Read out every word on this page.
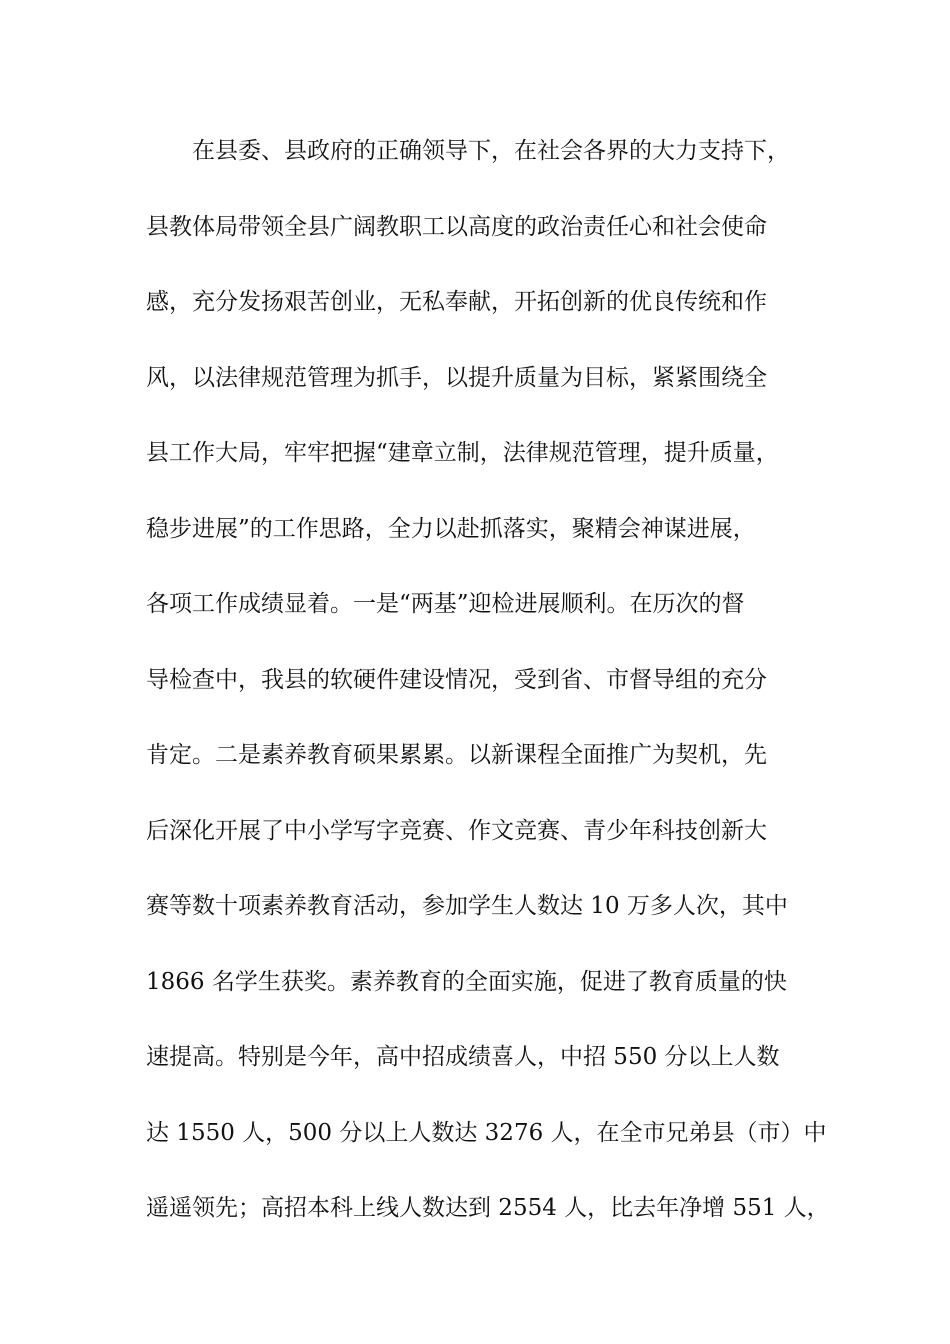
在县委、县政府的正确领导下，在社会各界的大力支持下，
县教体局带领全县广阔教职工以高度的政治责任心和社会使命
感，充分发扬艰苦创业，无私奉献，开拓创新的优良传统和作
风，以法律规范管理为抓手，以提升质量为目标，紧紧围绕全
县工作大局，牢牢把握“建章立制，法律规范管理，提升质量，
稳步进展”的工作思路，全力以赴抓落实，聚精会神谋进展，
各项工作成绩显着。一是“两基”迎检进展顺利。在历次的督
导检查中，我县的软硬件建设情况，受到省、市督导组的充分
肯定。二是素养教育硕果累累。以新课程全面推广为契机，先
后深化开展了中小学写字竞赛、作文竞赛、青少年科技创新大
赛等数十项素养教育活动，参加学生人数达 10 万多人次，其中
1866 名学生获奖。素养教育的全面实施，促进了教育质量的快
速提高。特别是今年，高中招成绩喜人，中招 550 分以上人数
达 1550 人，500 分以上人数达 3276 人，在全市兄弟县（市）中
遥遥领先；高招本科上线人数达到 2554 人，比去年净增 551 人，
